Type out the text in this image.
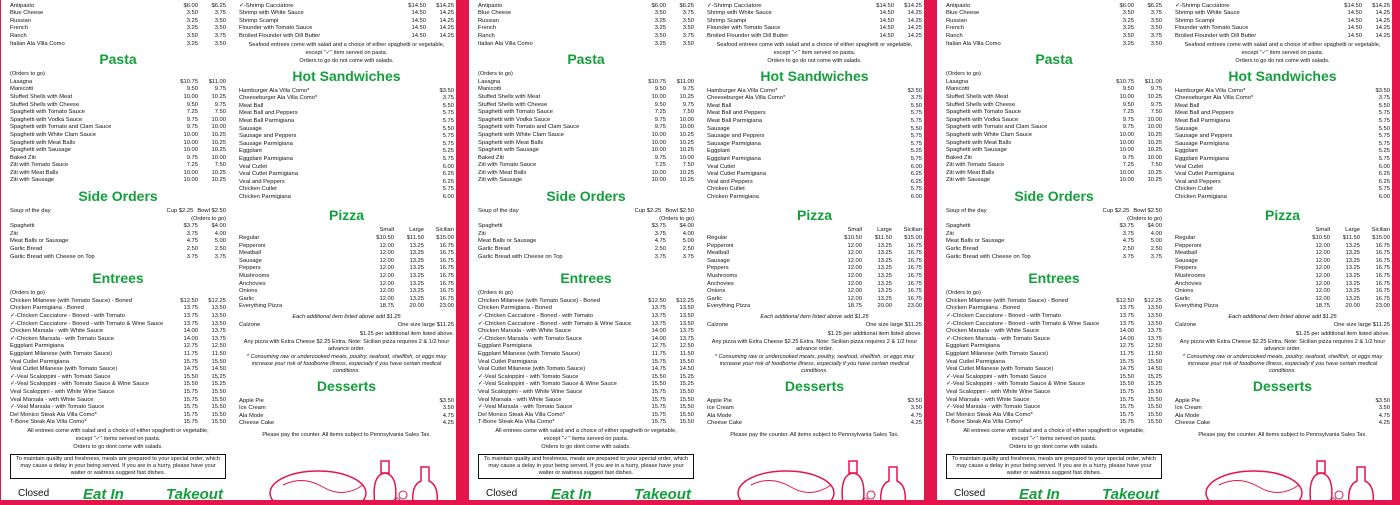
Antipasto	$6.00	$6.25
Blue Cheese	3.50	3.75
Russian	3.25	3.50
French	3.25	3.50
Ranch	3.50	3.75
Italian Ala Villa Como	3.25	3.50
Pasta
(Orders to go)
Lasagna	$10.75	$11.00
Manicotti	9.50	9.75
Stuffed Shells with Meat	10.00	10.25
Stuffed Shells with Cheese	9.50	9.75
Spaghetti with Tomato Sauce	7.25	7.50
Spaghetti with Vodka Sauce	9.75	10.00
Spaghetti with Tomato and Clam Sauce	9.75	10.00
Spaghetti with White Clam Sauce	10.00	10.25
Spaghetti with Meat Balls	10.00	10.25
Spaghetti with Sausage	10.00	10.25
Baked Ziti	9.75	10.00
Ziti with Tomato Sauce	7.25	7.50
Ziti with Meat Balls	10.00	10.25
Ziti with Sausage	10.00	10.25
Side Orders
Soup of the day	Cup $2.25 Bowl $2.50
(Orders to go)
Spaghetti	$3.75	$4.00
Ziti	3.75	4.00
Meat Balls or Sausage	4.75	5.00
Garlic Bread	2.50	2.50
Garlic Bread with Cheese on Top	3.75	3.75
Entrees
(Orders to go)
Chicken Milanese (with Tomato Sauce) - Boned	$12.50	$12.25
Chicken Parmigiana - Boned	13.75	13.50
✓-Chicken Cacciatore - Boned - with Tomato	13.75	13.50
✓-Chicken Cacciatore - Boned - with Tomato & Wine Sauce	13.75	13.50
Chicken Marsala - with White Sauce	14.00	13.75
✓-Chicken Marsala - with Tomato Sauce	14.00	13.75
Eggplant Parmigiana	12.75	12.50
Eggplant Milanese (with Tomato Sauce)	11.75	11.50
Veal Cutlet Parmigiana	15.75	15.50
Veal Cutlet Milanese (with Tomato Sauce)	14.75	14.50
✓-Veal Scaloppini - with Tomato Sauce	15.50	15.25
✓-Veal Scaloppini - with Tomato Sauce & Wine Sauce	15.50	15.25
Veal Scaloppini - with White Wine Sauce	15.75	15.50
Veal Marsala - with White Sauce	15.75	15.50
✓-Veal Marsala - with Tomato Sauce	15.75	15.50
Del Monico Steak Ala Villa Como*	15.75	15.50
T-Bone Steak Ala Villa Como*	15.75	15.50
All entrees come with salad and a choice of either spaghetti or vegetable,
except "✓" items served on pasta.
Orders to go dont come with salads.
To maintain quality and freshness, meals are prepared to your special order, which may cause a delay in your being served. If you are in a hurry, please have your waiter or waitress suggest fast dishes.
✓-Shrimp Cacciatore	$14.50	$14.25
Shrimp with White Sauce	14.50	14.25
Shrimp Scampi	14.50	14.25
Flounder with Tomato Sauce	14.50	14.25
Broiled Flounder with Dill Butter	14.50	14.25
Seafood entrees come with salad and a choice of either spaghetti or vegetable,
except "✓" item served on pasta.
Orders to go do not come with salads.
Hot Sandwiches
Hamburger Ala Villa Como*	$3.50
Cheeseburger Ala Villa Como*	3.75
Meat Ball	5.50
Meat Ball and Peppers	5.75
Meat Ball Parmigiana	5.75
Sausage	5.50
Sausage and Peppers	5.75
Sausage Parmigiana	5.75
Eggplant	5.25
Eggplant Parmigiana	5.75
Veal Cutlet	6.00
Veal Cutlet Parmigiana	6.25
Veal and Peppers	6.25
Chicken Cutlet	5.75
Chicken Parmigiana	6.00
Pizza
Small	Large	Sicilian
Regular	$10.50	$11.50	$15.00
Pepperoni	12.00	13.25	16.75
Meatball	12.00	13.25	16.75
Sausage	12.00	13.25	16.75
Peppers	12.00	13.25	16.75
Mushrooms	12.00	13.25	16.75
Anchovies	12.00	13.25	16.75
Onions	12.00	13.25	16.75
Garlic	12.00	13.25	16.75
Everything Pizza	18.75	20.00	23.00
Each additional item listed above add $1.25
Calzone	One size large $11.25
$1.25 per additional item listed above.
Any pizza with Extra Cheese $2.25 Extra. Note: Sicilian pizza requires 2 & 1/2 hour advance order.
* Consuming raw or undercooked meats, poultry, seafood, shellfish, or eggs may increase your risk of foodborne illness, especially if you have certain medical conditions.
Desserts
Apple Pie	$3.50
Ice Cream	3.50
Ala Mode	4.75
Cheese Cake	4.25
Please pay the counter. All items subject to Pennsylvania Sales Tax.
Closed Eat In	Takeout
Antipasto	$6.00	$6.25
Blue Cheese	3.50	3.75
Russian	3.25	3.50
French	3.25	3.50
Ranch	3.50	3.75
Italian Ala Villa Como	3.25	3.50
Pasta
(Orders to go)
Lasagna	$10.75	$11.00
Manicotti	9.50	9.75
Stuffed Shells with Meat	10.00	10.25
Stuffed Shells with Cheese	9.50	9.75
Spaghetti with Tomato Sauce	7.25	7.50
Spaghetti with Vodka Sauce	9.75	10.00
Spaghetti with Tomato and Clam Sauce	9.75	10.00
Spaghetti with White Clam Sauce	10.00	10.25
Spaghetti with Meat Balls	10.00	10.25
Spaghetti with Sausage	10.00	10.25
Baked Ziti	9.75	10.00
Ziti with Tomato Sauce	7.25	7.50
Ziti with Meat Balls	10.00	10.25
Ziti with Sausage	10.00	10.25
Side Orders
Soup of the day	Cup $2.25 Bowl $2.50
(Orders to go)
Spaghetti	$3.75	$4.00
Ziti	3.75	4.00
Meat Balls or Sausage	4.75	5.00
Garlic Bread	2.50	2.50
Garlic Bread with Cheese on Top	3.75	3.75
Entrees
(Orders to go)
Chicken Milanese (with Tomato Sauce) - Boned	$12.50	$12.25
Chicken Parmigiana - Boned	13.75	13.50
✓-Chicken Cacciatore - Boned - with Tomato	13.75	13.50
✓-Chicken Cacciatore - Boned - with Tomato & Wine Sauce	13.75	13.50
Chicken Marsala - with White Sauce	14.00	13.75
✓-Chicken Marsala - with Tomato Sauce	14.00	13.75
Eggplant Parmigiana	12.75	12.50
Eggplant Milanese (with Tomato Sauce)	11.75	11.50
Veal Cutlet Parmigiana	15.75	15.50
Veal Cutlet Milanese (with Tomato Sauce)	14.75	14.50
✓-Veal Scaloppini - with Tomato Sauce	15.50	15.25
✓-Veal Scaloppini - with Tomato Sauce & Wine Sauce	15.50	15.25
Veal Scaloppini - with White Wine Sauce	15.75	15.50
Veal Marsala - with White Sauce	15.75	15.50
✓-Veal Marsala - with Tomato Sauce	15.75	15.50
Del Monico Steak Ala Villa Como*	15.75	15.50
T-Bone Steak Ala Villa Como*	15.75	15.50
All entrees come with salad and a choice of either spaghetti or vegetable,
except "✓" items served on pasta.
Orders to go dont come with salads.
To maintain quality and freshness, meals are prepared to your special order, which may cause a delay in your being served. If you are in a hurry, please have your waiter or waitress suggest fast dishes.
✓-Shrimp Cacciatore	$14.50	$14.25
Shrimp with White Sauce	14.50	14.25
Shrimp Scampi	14.50	14.25
Flounder with Tomato Sauce	14.50	14.25
Broiled Flounder with Dill Butter	14.50	14.25
Seafood entrees come with salad and a choice of either spaghetti or vegetable,
except "✓" item served on pasta.
Orders to go do not come with salads.
Hot Sandwiches
Hamburger Ala Villa Como*	$3.50
Cheeseburger Ala Villa Como*	3.75
Meat Ball	5.50
Meat Ball and Peppers	5.75
Meat Ball Parmigiana	5.75
Sausage	5.50
Sausage and Peppers	5.75
Sausage Parmigiana	5.75
Eggplant	5.25
Eggplant Parmigiana	5.75
Veal Cutlet	6.00
Veal Cutlet Parmigiana	6.25
Veal and Peppers	6.25
Chicken Cutlet	5.75
Chicken Parmigiana	6.00
Pizza
Small	Large	Sicilian
Regular	$10.50	$11.50	$15.00
Pepperoni	12.00	13.25	16.75
Meatball	12.00	13.25	16.75
Sausage	12.00	13.25	16.75
Peppers	12.00	13.25	16.75
Mushrooms	12.00	13.25	16.75
Anchovies	12.00	13.25	16.75
Onions	12.00	13.25	16.75
Garlic	12.00	13.25	16.75
Everything Pizza	18.75	20.00	23.00
Each additional item listed above add $1.25
Calzone	One size large $11.25
$1.25 per additional item listed above.
Any pizza with Extra Cheese $2.25 Extra. Note: Sicilian pizza requires 2 & 1/2 hour advance order.
* Consuming raw or undercooked meats, poultry, seafood, shellfish, or eggs may increase your risk of foodborne illness, especially if you have certain medical conditions.
Desserts
Apple Pie	$3.50
Ice Cream	3.50
Ala Mode	4.75
Cheese Cake	4.25
Please pay the counter. All items subject to Pennsylvania Sales Tax.
Closed Eat In	Takeout
Antipasto	$6.00	$6.25
Blue Cheese	3.50	3.75
Russian	3.25	3.50
French	3.25	3.50
Ranch	3.50	3.75
Italian Ala Villa Como	3.25	3.50
Pasta
(Orders to go)
Lasagna	$10.75	$11.00
Manicotti	9.50	9.75
Stuffed Shells with Meat	10.00	10.25
Stuffed Shells with Cheese	9.50	9.75
Spaghetti with Tomato Sauce	7.25	7.50
Spaghetti with Vodka Sauce	9.75	10.00
Spaghetti with Tomato and Clam Sauce	9.75	10.00
Spaghetti with White Clam Sauce	10.00	10.25
Spaghetti with Meat Balls	10.00	10.25
Spaghetti with Sausage	10.00	10.25
Baked Ziti	9.75	10.00
Ziti with Tomato Sauce	7.25	7.50
Ziti with Meat Balls	10.00	10.25
Ziti with Sausage	10.00	10.25
Side Orders
Soup of the day	Cup $2.25 Bowl $2.50
(Orders to go)
Spaghetti	$3.75	$4.00
Ziti	3.75	4.00
Meat Balls or Sausage	4.75	5.00
Garlic Bread	2.50	2.50
Garlic Bread with Cheese on Top	3.75	3.75
Entrees
(Orders to go)
Chicken Milanese (with Tomato Sauce) - Boned	$12.50	$12.25
Chicken Parmigiana - Boned	13.75	13.50
✓-Chicken Cacciatore - Boned - with Tomato	13.75	13.50
✓-Chicken Cacciatore - Boned - with Tomato & Wine Sauce	13.75	13.50
Chicken Marsala - with White Sauce	14.00	13.75
✓-Chicken Marsala - with Tomato Sauce	14.00	13.75
Eggplant Parmigiana	12.75	12.50
Eggplant Milanese (with Tomato Sauce)	11.75	11.50
Veal Cutlet Parmigiana	15.75	15.50
Veal Cutlet Milanese (with Tomato Sauce)	14.75	14.50
✓-Veal Scaloppini - with Tomato Sauce	15.50	15.25
✓-Veal Scaloppini - with Tomato Sauce & Wine Sauce	15.50	15.25
Veal Scaloppini - with White Wine Sauce	15.75	15.50
Veal Marsala - with White Sauce	15.75	15.50
✓-Veal Marsala - with Tomato Sauce	15.75	15.50
Del Monico Steak Ala Villa Como*	15.75	15.50
T-Bone Steak Ala Villa Como*	15.75	15.50
All entrees come with salad and a choice of either spaghetti or vegetable,
except "✓" items served on pasta.
Orders to go dont come with salads.
To maintain quality and freshness, meals are prepared to your special order, which may cause a delay in your being served. If you are in a hurry, please have your waiter or waitress suggest fast dishes.
✓-Shrimp Cacciatore	$14.50	$14.25
Shrimp with White Sauce	14.50	14.25
Shrimp Scampi	14.50	14.25
Flounder with Tomato Sauce	14.50	14.25
Broiled Flounder with Dill Butter	14.50	14.25
Seafood entrees come with salad and a choice of either spaghetti or vegetable,
except "✓" item served on pasta.
Orders to go do not come with salads.
Hot Sandwiches
Hamburger Ala Villa Como*	$3.50
Cheeseburger Ala Villa Como*	3.75
Meat Ball	5.50
Meat Ball and Peppers	5.75
Meat Ball Parmigiana	5.75
Sausage	5.50
Sausage and Peppers	5.75
Sausage Parmigiana	5.75
Eggplant	5.25
Eggplant Parmigiana	5.75
Veal Cutlet	6.00
Veal Cutlet Parmigiana	6.25
Veal and Peppers	6.25
Chicken Cutlet	5.75
Chicken Parmigiana	6.00
Pizza
Small	Large	Sicilian
Regular	$10.50	$11.50	$15.00
Pepperoni	12.00	13.25	16.75
Meatball	12.00	13.25	16.75
Sausage	12.00	13.25	16.75
Peppers	12.00	13.25	16.75
Mushrooms	12.00	13.25	16.75
Anchovies	12.00	13.25	16.75
Onions	12.00	13.25	16.75
Garlic	12.00	13.25	16.75
Everything Pizza	18.75	20.00	23.00
Each additional item listed above add $1.25
Calzone	One size large $11.25
$1.25 per additional item listed above.
Any pizza with Extra Cheese $2.25 Extra. Note: Sicilian pizza requires 2 & 1/2 hour advance order.
* Consuming raw or undercooked meats, poultry, seafood, shellfish, or eggs may increase your risk of foodborne illness, especially if you have certain medical conditions.
Desserts
Apple Pie	$3.50
Ice Cream	3.50
Ala Mode	4.75
Cheese Cake	4.25
Please pay the counter. All items subject to Pennsylvania Sales Tax.
Closed Eat In	Takeout
